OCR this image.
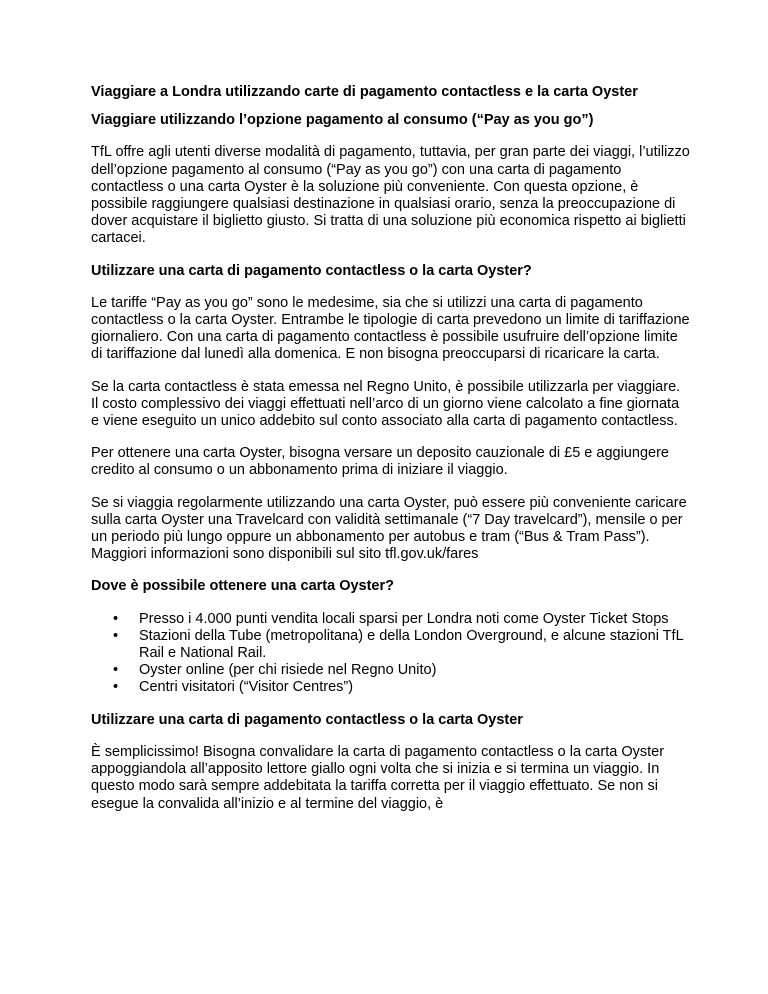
Viaggiare a Londra utilizzando carte di pagamento contactless e la carta Oyster
Viaggiare utilizzando l’opzione pagamento al consumo (“Pay as you go”)

TfL offre agli utenti diverse modalità di pagamento, tuttavia, per gran parte dei viaggi, l’utilizzo dell’opzione pagamento al consumo (“Pay as you go”) con una carta di pagamento contactless o una carta Oyster è la soluzione più conveniente. Con questa opzione, è possibile raggiungere qualsiasi destinazione in qualsiasi orario, senza la preoccupazione di dover acquistare il biglietto giusto. Si tratta di una soluzione più economica rispetto ai biglietti cartacei.

Utilizzare una carta di pagamento contactless o la carta Oyster?

Le tariffe “Pay as you go” sono le medesime, sia che si utilizzi una carta di pagamento contactless o la carta Oyster. Entrambe le tipologie di carta prevedono un limite di tariffazione giornaliero. Con una carta di pagamento contactless è possibile usufruire dell’opzione limite di tariffazione dal lunedì alla domenica. E non bisogna preoccuparsi di ricaricare la carta.

Se la carta contactless è stata emessa nel Regno Unito, è possibile utilizzarla per viaggiare. Il costo complessivo dei viaggi effettuati nell’arco di un giorno viene calcolato a fine giornata e viene eseguito un unico addebito sul conto associato alla carta di pagamento contactless.

Per ottenere una carta Oyster, bisogna versare un deposito cauzionale di £5 e aggiungere credito al consumo o un abbonamento prima di iniziare il viaggio.

Se si viaggia regolarmente utilizzando una carta Oyster, può essere più conveniente caricare sulla carta Oyster una Travelcard con validità settimanale (“7 Day travelcard”), mensile o per un periodo più lungo oppure un abbonamento per autobus e tram (“Bus & Tram Pass”). Maggiori informazioni sono disponibili sul sito tfl.gov.uk/fares

Dove è possibile ottenere una carta Oyster?
• Presso i 4.000 punti vendita locali sparsi per Londra noti come Oyster Ticket Stops
• Stazioni della Tube (metropolitana) e della London Overground, e alcune stazioni TfL Rail e National Rail.
• Oyster online (per chi risiede nel Regno Unito)
• Centri visitatori (“Visitor Centres”)
Utilizzare una carta di pagamento contactless o la carta Oyster

È semplicissimo! Bisogna convalidare la carta di pagamento contactless o la carta Oyster appoggiandola all’apposito lettore giallo ogni volta che si inizia e si termina un viaggio. In questo modo sarà sempre addebitata la tariffa corretta per il viaggio effettuato. Se non si esegue la convalida all’inizio e al termine del viaggio, è
